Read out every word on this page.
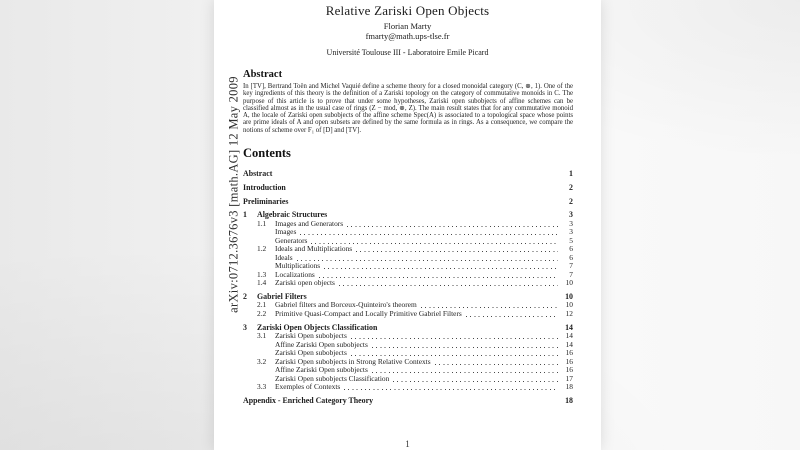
arXiv:0712.3676v3 [math.AG] 12 May 2009
Relative Zariski Open Objects
Florian Marty
fmarty@math.ups-tlse.fr
Université Toulouse III - Laboratoire Emile Picard
Abstract
In [TV], Bertrand Toën and Michel Vaquié define a scheme theory for a closed monoidal category (C, ⊗, 1). One of the key ingredients of this theory is the definition of a Zariski topology on the category of commutative monoids in C. The purpose of this article is to prove that under some hypotheses, Zariski open subobjects of affine schemes can be classified almost as in the usual case of rings (Z − mod, ⊗, Z). The main result states that for any commutative monoid A, the locale of Zariski open subobjects of the affine scheme Spec(A) is associated to a topological space whose points are prime ideals of A and open subsets are defined by the same formula as in rings. As a consequence, we compare the notions of scheme over F₁ of [D] and [TV].
Contents
Abstract	1
Introduction	2
Preliminaries	2
1	Algebraic Structures	3
1.1	Images and Generators	3
Images	3
Generators	5
1.2	Ideals and Multiplications	6
Ideals	6
Multiplications	7
1.3	Localizations	7
1.4	Zariski open objects	10
2	Gabriel Filters	10
2.1	Gabriel filters and Borceux-Quinteiro's theorem	10
2.2	Primitive Quasi-Compact and Locally Primitive Gabriel Filters	12
3	Zariski Open Objects Classification	14
3.1	Zariski Open subobjects	14
Affine Zariski Open subobjects	14
Zariski Open subobjects	16
3.2	Zariski Open subobjects in Strong Relative Contexts	16
Affine Zariski Open subobjects	16
Zariski Open subobjects Classification	17
3.3	Exemples of Contexts	18
Appendix - Enriched Category Theory	18
1
